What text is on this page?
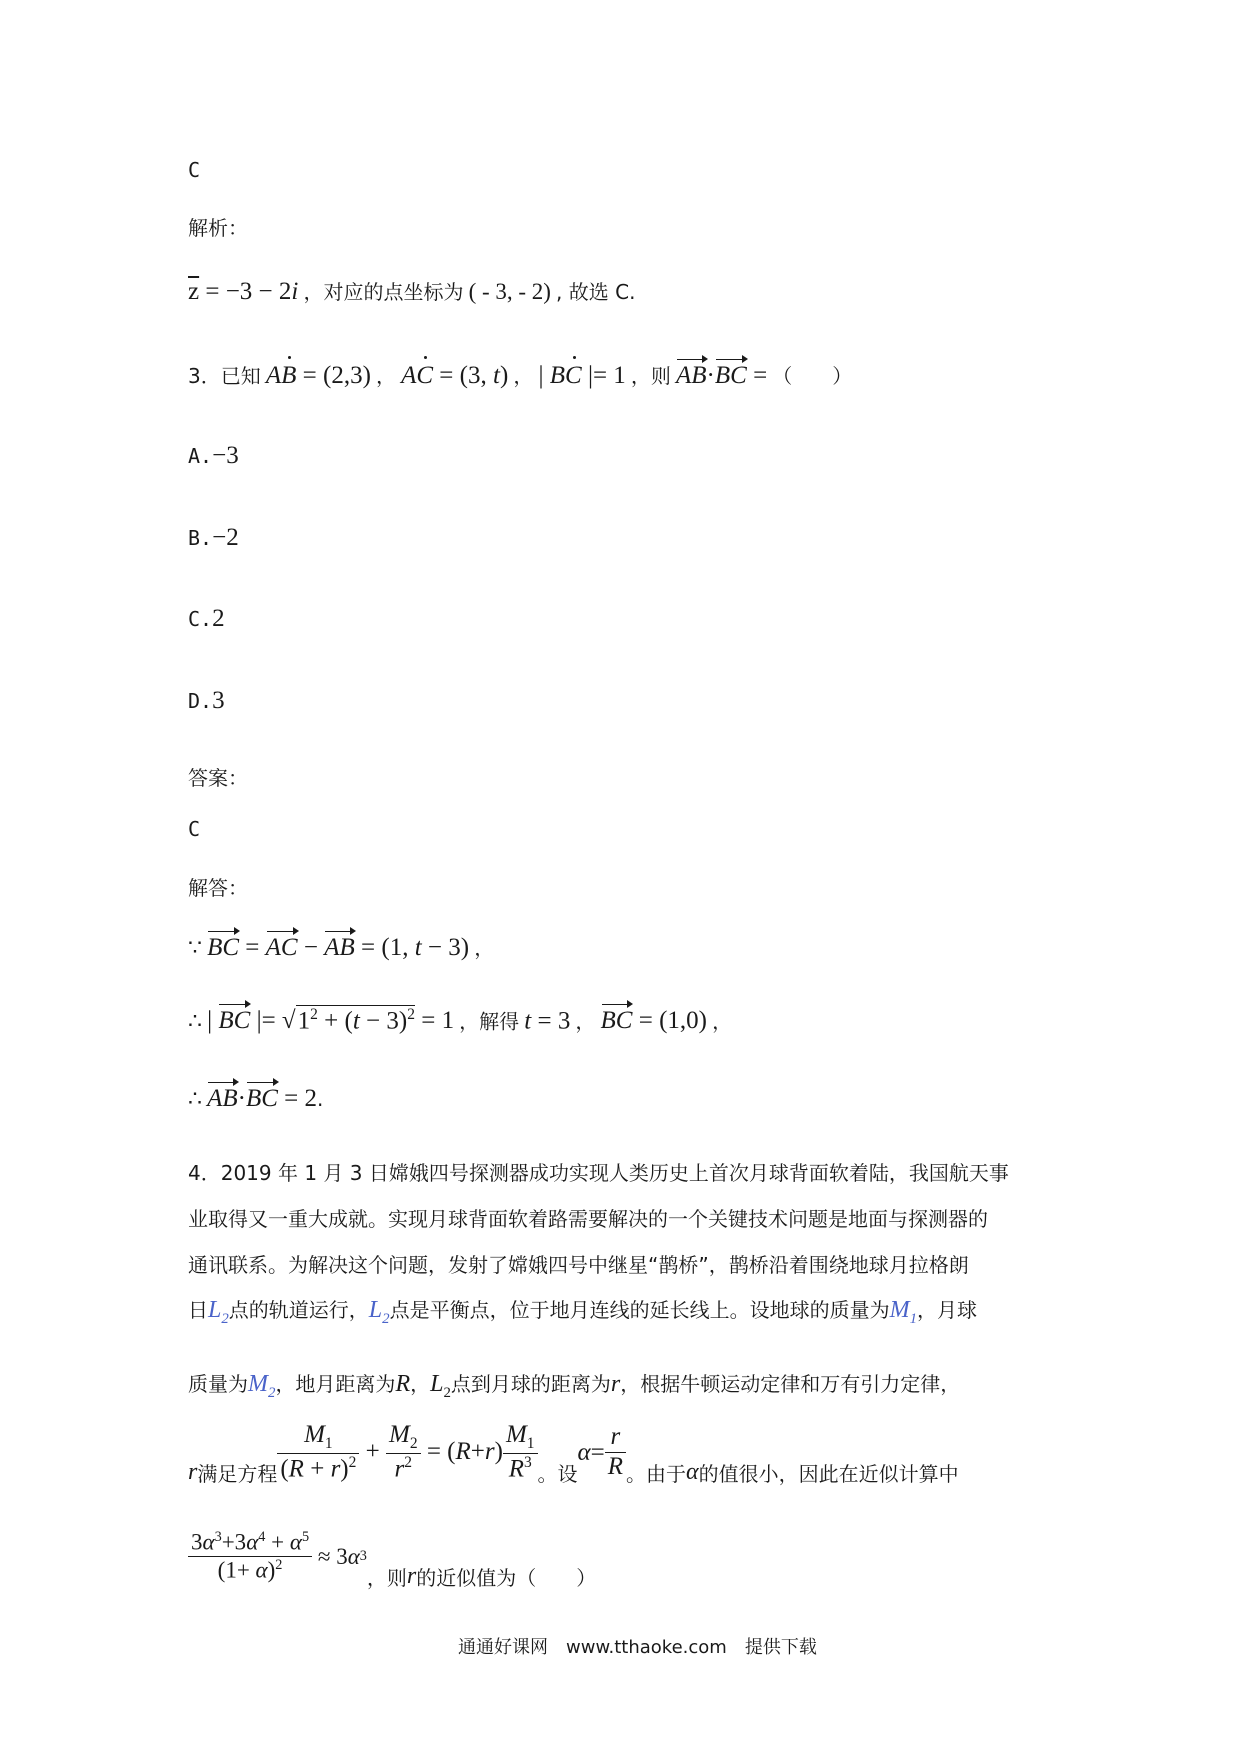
C
解析：
$\overline{z} = -3 - 2i$ ，对应的点坐标为 ( - 3, - 2) , 故选 C.
3．已知 AB = (2,3) ， AC = (3, t) ， | BC |= 1 ，则 AB·BC = （　　）
A.−3
B.−2
C.2
D.3
答案：
C
解答：
∵ BC = AC − AB = (1, t − 3) ，
∴ | BC |= $√1^2 + (t - 3)^2 = 1$ ，解得 t = 3 ， BC = (1,0) ，
∴ AB·BC = 2.
4．2019 年 1 月 3 日嫦娥四号探测器成功实现人类历史上首次月球背面软着陆，我国航天事
业取得又一重大成就。实现月球背面软着路需要解决的一个关键技术问题是地面与探测器的
通讯联系。为解决这个问题，发射了嫦娥四号中继星“鹊桥”，鹊桥沿着围绕地球月拉格朗
日$L_2$点的轨道运行，$L_2$点是平衡点，位于地月连线的延长线上。设地球的质量为$M_1$，月球
质量为$M_2$，地月距离为R，$L_2$点到月球的距离为r，根据牛顿运动定律和万有引力定律，
r 满足方程 $\frac{M_1}{(R + r)^2} + \frac{M_2}{r^2}$ = ( R + r ) $\frac{M_1}{R^3}$ 。设
$\alpha = \frac{r}{R}$ 。由于 α 的值很小，因此在近似计算中
$\frac{3\alpha^3+3\alpha^4 + \alpha^5}{(1+ \alpha)^2} \approx 3$ α 3
，则 r 的近似值为（　　）
通通好课网　www.tthaoke.com　提供下载
